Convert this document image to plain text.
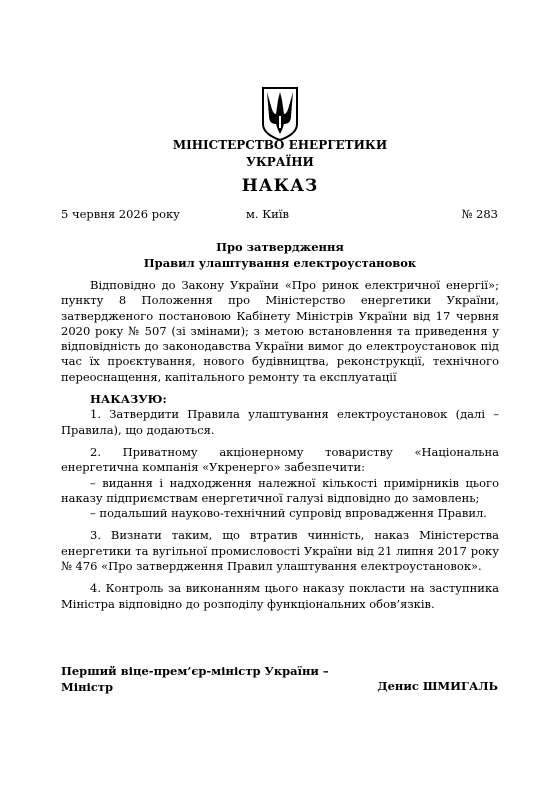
МІНІСТЕРСТВО ЕНЕРГЕТИКИ
УКРАЇНИ
НАКАЗ
5 червня 2026 року	м. Київ	№ 283
Про затвердження
Правил улаштування електроустановок

Відповідно до Закону України «Про ринок електричної енергії»; пункту 8 Положення про Міністерство енергетики України, затвердженого постановою Кабінету Міністрів України від 17 червня 2020 року № 507 (зі змінами); з метою встановлення та приведення у відповідність до законодавства України вимог до електроустановок під час їх проєктування, нового будівництва, реконструкції, технічного переоснащення, капітального ремонту та експлуатації

НАКАЗУЮ:

1. Затвердити Правила улаштування електроустановок (далі – Правила), що додаються.

2. Приватному акціонерному товариству «Національна енергетична компанія «Укренерго» забезпечити:

– видання і надходження належної кількості примірників цього наказу підприємствам енергетичної галузі відповідно до замовлень;

– подальший науково-технічний супровід впровадження Правил.

3. Визнати таким, що втратив чинність, наказ Міністерства енергетики та вугільної промисловості України від 21 липня 2017 року № 476 «Про затвердження Правил улаштування електроустановок».

4. Контроль за виконанням цього наказу покласти на заступника Міністра відповідно до розподілу функціональних обов’язків.

Перший віце-прем’єр-міністр України –
Міністр	Денис ШМИГАЛЬ
